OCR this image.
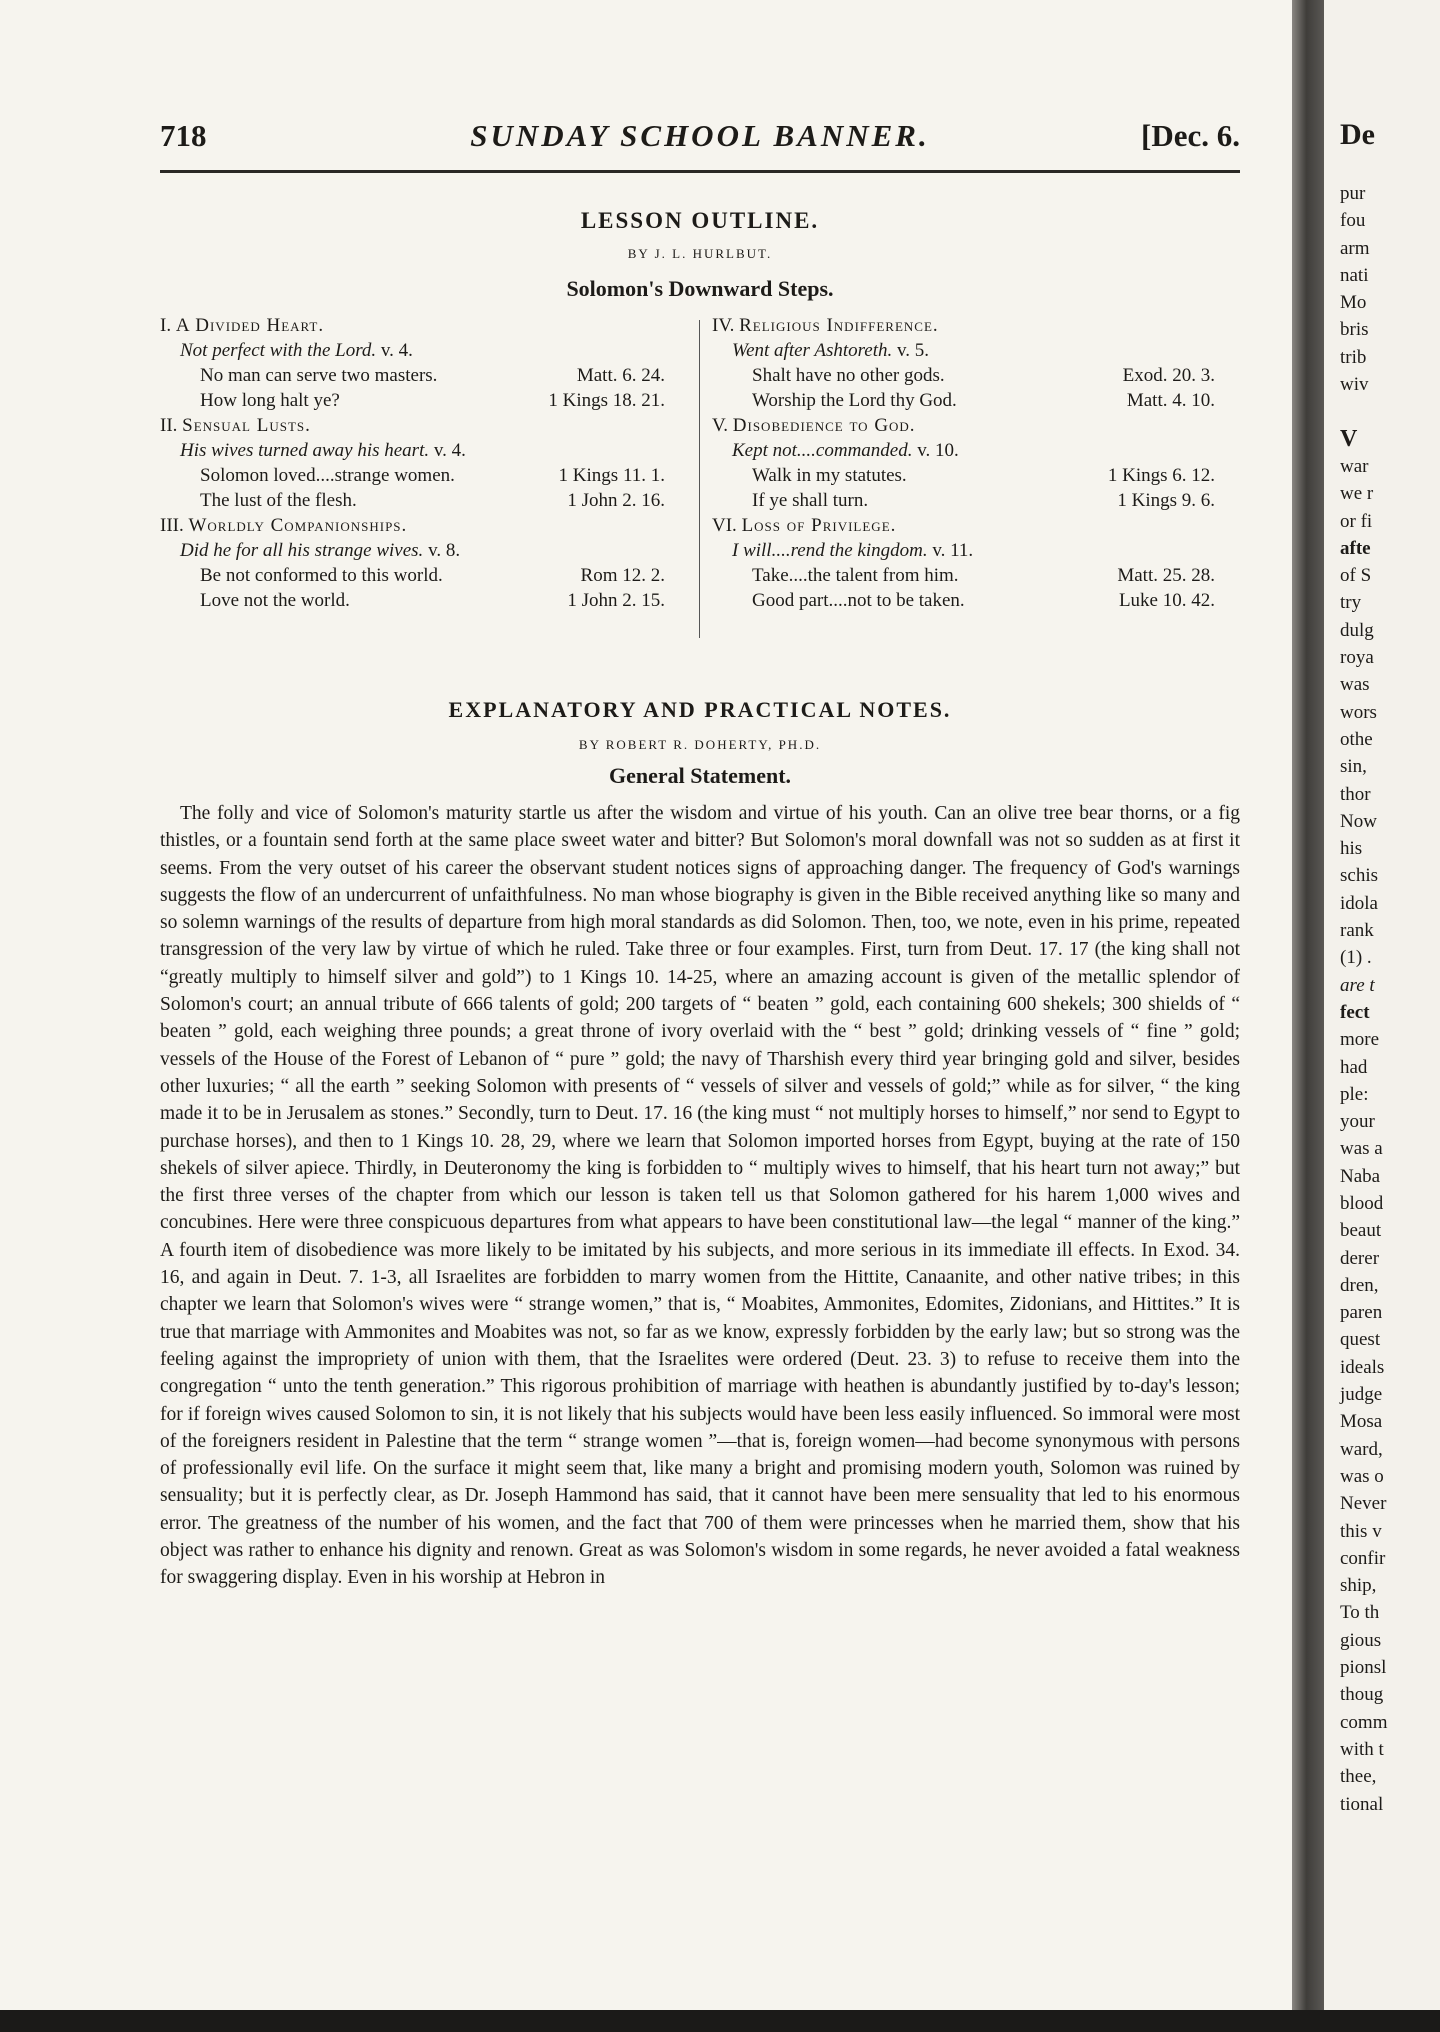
718	SUNDAY SCHOOL BANNER.	[Dec. 6.
LESSON OUTLINE.
BY J. L. HURLBUT.
Solomon's Downward Steps.
I. A Divided Heart.
Not perfect with the Lord. v. 4.
No man can serve two masters.	Matt. 6. 24.
How long halt ye?	1 Kings 18. 21.
II. Sensual Lusts.
His wives turned away his heart. v. 4.
Solomon loved....strange women.	1 Kings 11. 1.
The lust of the flesh.	1 John 2. 16.
III. Worldly Companionships.
Did he for all his strange wives. v. 8.
Be not conformed to this world.	Rom 12. 2.
Love not the world.	1 John 2. 15.
IV. Religious Indifference.
Went after Ashtoreth. v. 5.
Shalt have no other gods.	Exod. 20. 3.
Worship the Lord thy God.	Matt. 4. 10.
V. Disobedience to God.
Kept not....commanded. v. 10.
Walk in my statutes.	1 Kings 6. 12.
If ye shall turn.	1 Kings 9. 6.
VI. Loss of Privilege.
I will....rend the kingdom. v. 11.
Take....the talent from him.	Matt. 25. 28.
Good part....not to be taken.	Luke 10. 42.
EXPLANATORY AND PRACTICAL NOTES.
BY ROBERT R. DOHERTY, PH.D.
General Statement.

The folly and vice of Solomon's maturity startle us after the wisdom and virtue of his youth. Can an olive tree bear thorns, or a fig thistles, or a fountain send forth at the same place sweet water and bitter? But Solomon's moral downfall was not so sudden as at first it seems. From the very outset of his career the observant student notices signs of approaching danger. The frequency of God's warnings suggests the flow of an undercurrent of unfaithfulness. No man whose biography is given in the Bible received anything like so many and so solemn warnings of the results of departure from high moral standards as did Solomon. Then, too, we note, even in his prime, repeated transgression of the very law by virtue of which he ruled. Take three or four examples. First, turn from Deut. 17. 17 (the king shall not “greatly multiply to himself silver and gold”) to 1 Kings 10. 14-25, where an amazing account is given of the metallic splendor of Solomon's court; an annual tribute of 666 talents of gold; 200 targets of “ beaten ” gold, each containing 600 shekels; 300 shields of “ beaten ” gold, each weighing three pounds; a great throne of ivory overlaid with the “ best ” gold; drinking vessels of “ fine ” gold; vessels of the House of the Forest of Lebanon of “ pure ” gold; the navy of Tharshish every third year bringing gold and silver, besides other luxuries; “ all the earth ” seeking Solomon with presents of “ vessels of silver and vessels of gold;” while as for silver, “ the king made it to be in Jerusalem as stones.” Secondly, turn to Deut. 17. 16 (the king must “ not multiply horses to himself,” nor send to Egypt to purchase horses), and then to 1 Kings 10. 28, 29, where we learn that Solomon imported horses from Egypt, buying at the rate of 150 shekels of silver apiece. Thirdly, in Deuteronomy the king is forbidden to “ multiply wives to himself, that his heart turn not away;” but the first three verses of the chapter from which our lesson is taken tell us that Solomon gathered for his harem 1,000 wives and concubines. Here were three conspicuous departures from what appears to have been constitutional law—the legal “ manner of the king.” A fourth item of disobedience was more likely to be imitated by his subjects, and more serious in its immediate ill effects. In Exod. 34. 16, and again in Deut. 7. 1-3, all Israelites are forbidden to marry women from the Hittite, Canaanite, and other native tribes; in this chapter we learn that Solomon's wives were “ strange women,” that is, “ Moabites, Ammonites, Edomites, Zidonians, and Hittites.” It is true that marriage with Ammonites and Moabites was not, so far as we know, expressly forbidden by the early law; but so strong was the feeling against the impropriety of union with them, that the Israelites were ordered (Deut. 23. 3) to refuse to receive them into the congregation “ unto the tenth generation.” This rigorous prohibition of marriage with heathen is abundantly justified by to-day's lesson; for if foreign wives caused Solomon to sin, it is not likely that his subjects would have been less easily influenced. So immoral were most of the foreigners resident in Palestine that the term “ strange women ”—that is, foreign women—had become synonymous with persons of professionally evil life. On the surface it might seem that, like many a bright and promising modern youth, Solomon was ruined by sensuality; but it is perfectly clear, as Dr. Joseph Hammond has said, that it cannot have been mere sensuality that led to his enormous error. The greatness of the number of his women, and the fact that 700 of them were princesses when he married them, show that his object was rather to enhance his dignity and renown. Great as was Solomon's wisdom in some regards, he never avoided a fatal weakness for swaggering display. Even in his worship at Hebron in

De
pur
fou
arm
nati
Mo
bris
trib
wiv
V
war
we r
or fi
afte
of S
try
dulg
roya
was
wors
othe
sin,
thor
Now
his
schis
idola
rank
(1) .
are t
fect
more
had
ple:
your
was a
Naba
blood
beaut
derer
dren,
paren
quest
ideals
judge
Mosa
ward,
was o
Never
this v
confir
ship,
To th
gious
pionsl
thoug
comm
with t
thee,
tional
